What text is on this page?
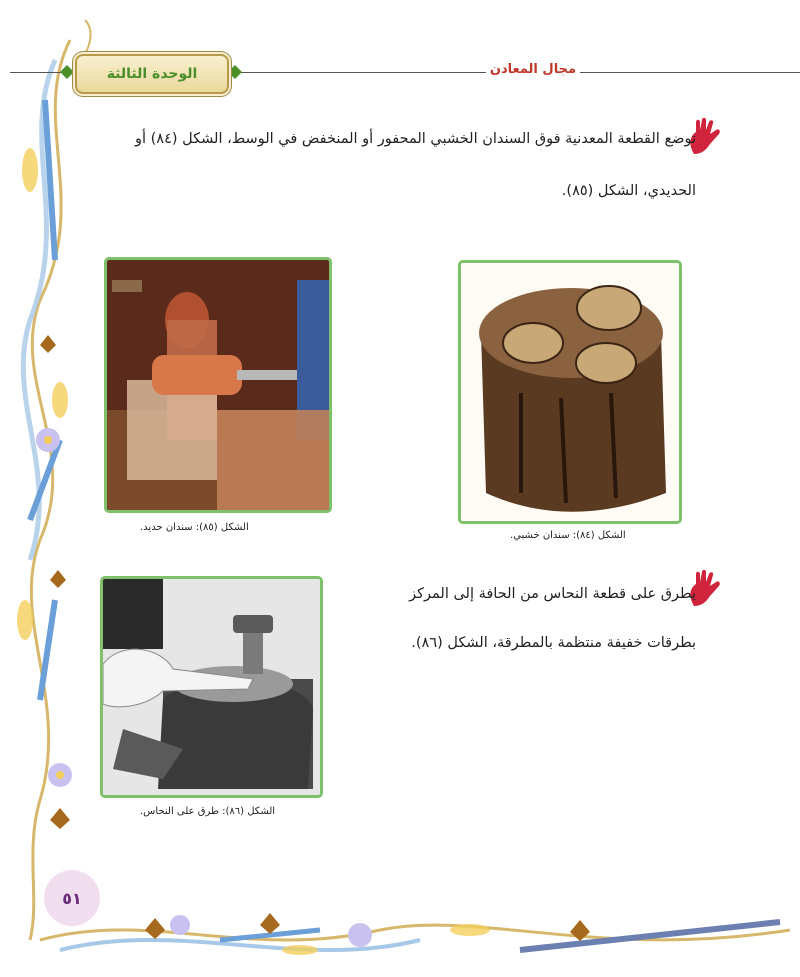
الوحدة الثالثة	مجال المعادن
توضع القطعة المعدنية فوق السندان الخشبي المحفور أو المنخفض في الوسط، الشكل (٨٤) أو
الحديدي، الشكل (٨٥).
الشكل (٨٥): سندان حديد.
الشكل (٨٤): سندان خشبي.
يطرق على قطعة النحاس من الحافة إلى المركز
بطرقات خفيفة منتظمة بالمطرقة، الشكل (٨٦).
الشكل (٨٦): طرق على النحاس.
٥١
